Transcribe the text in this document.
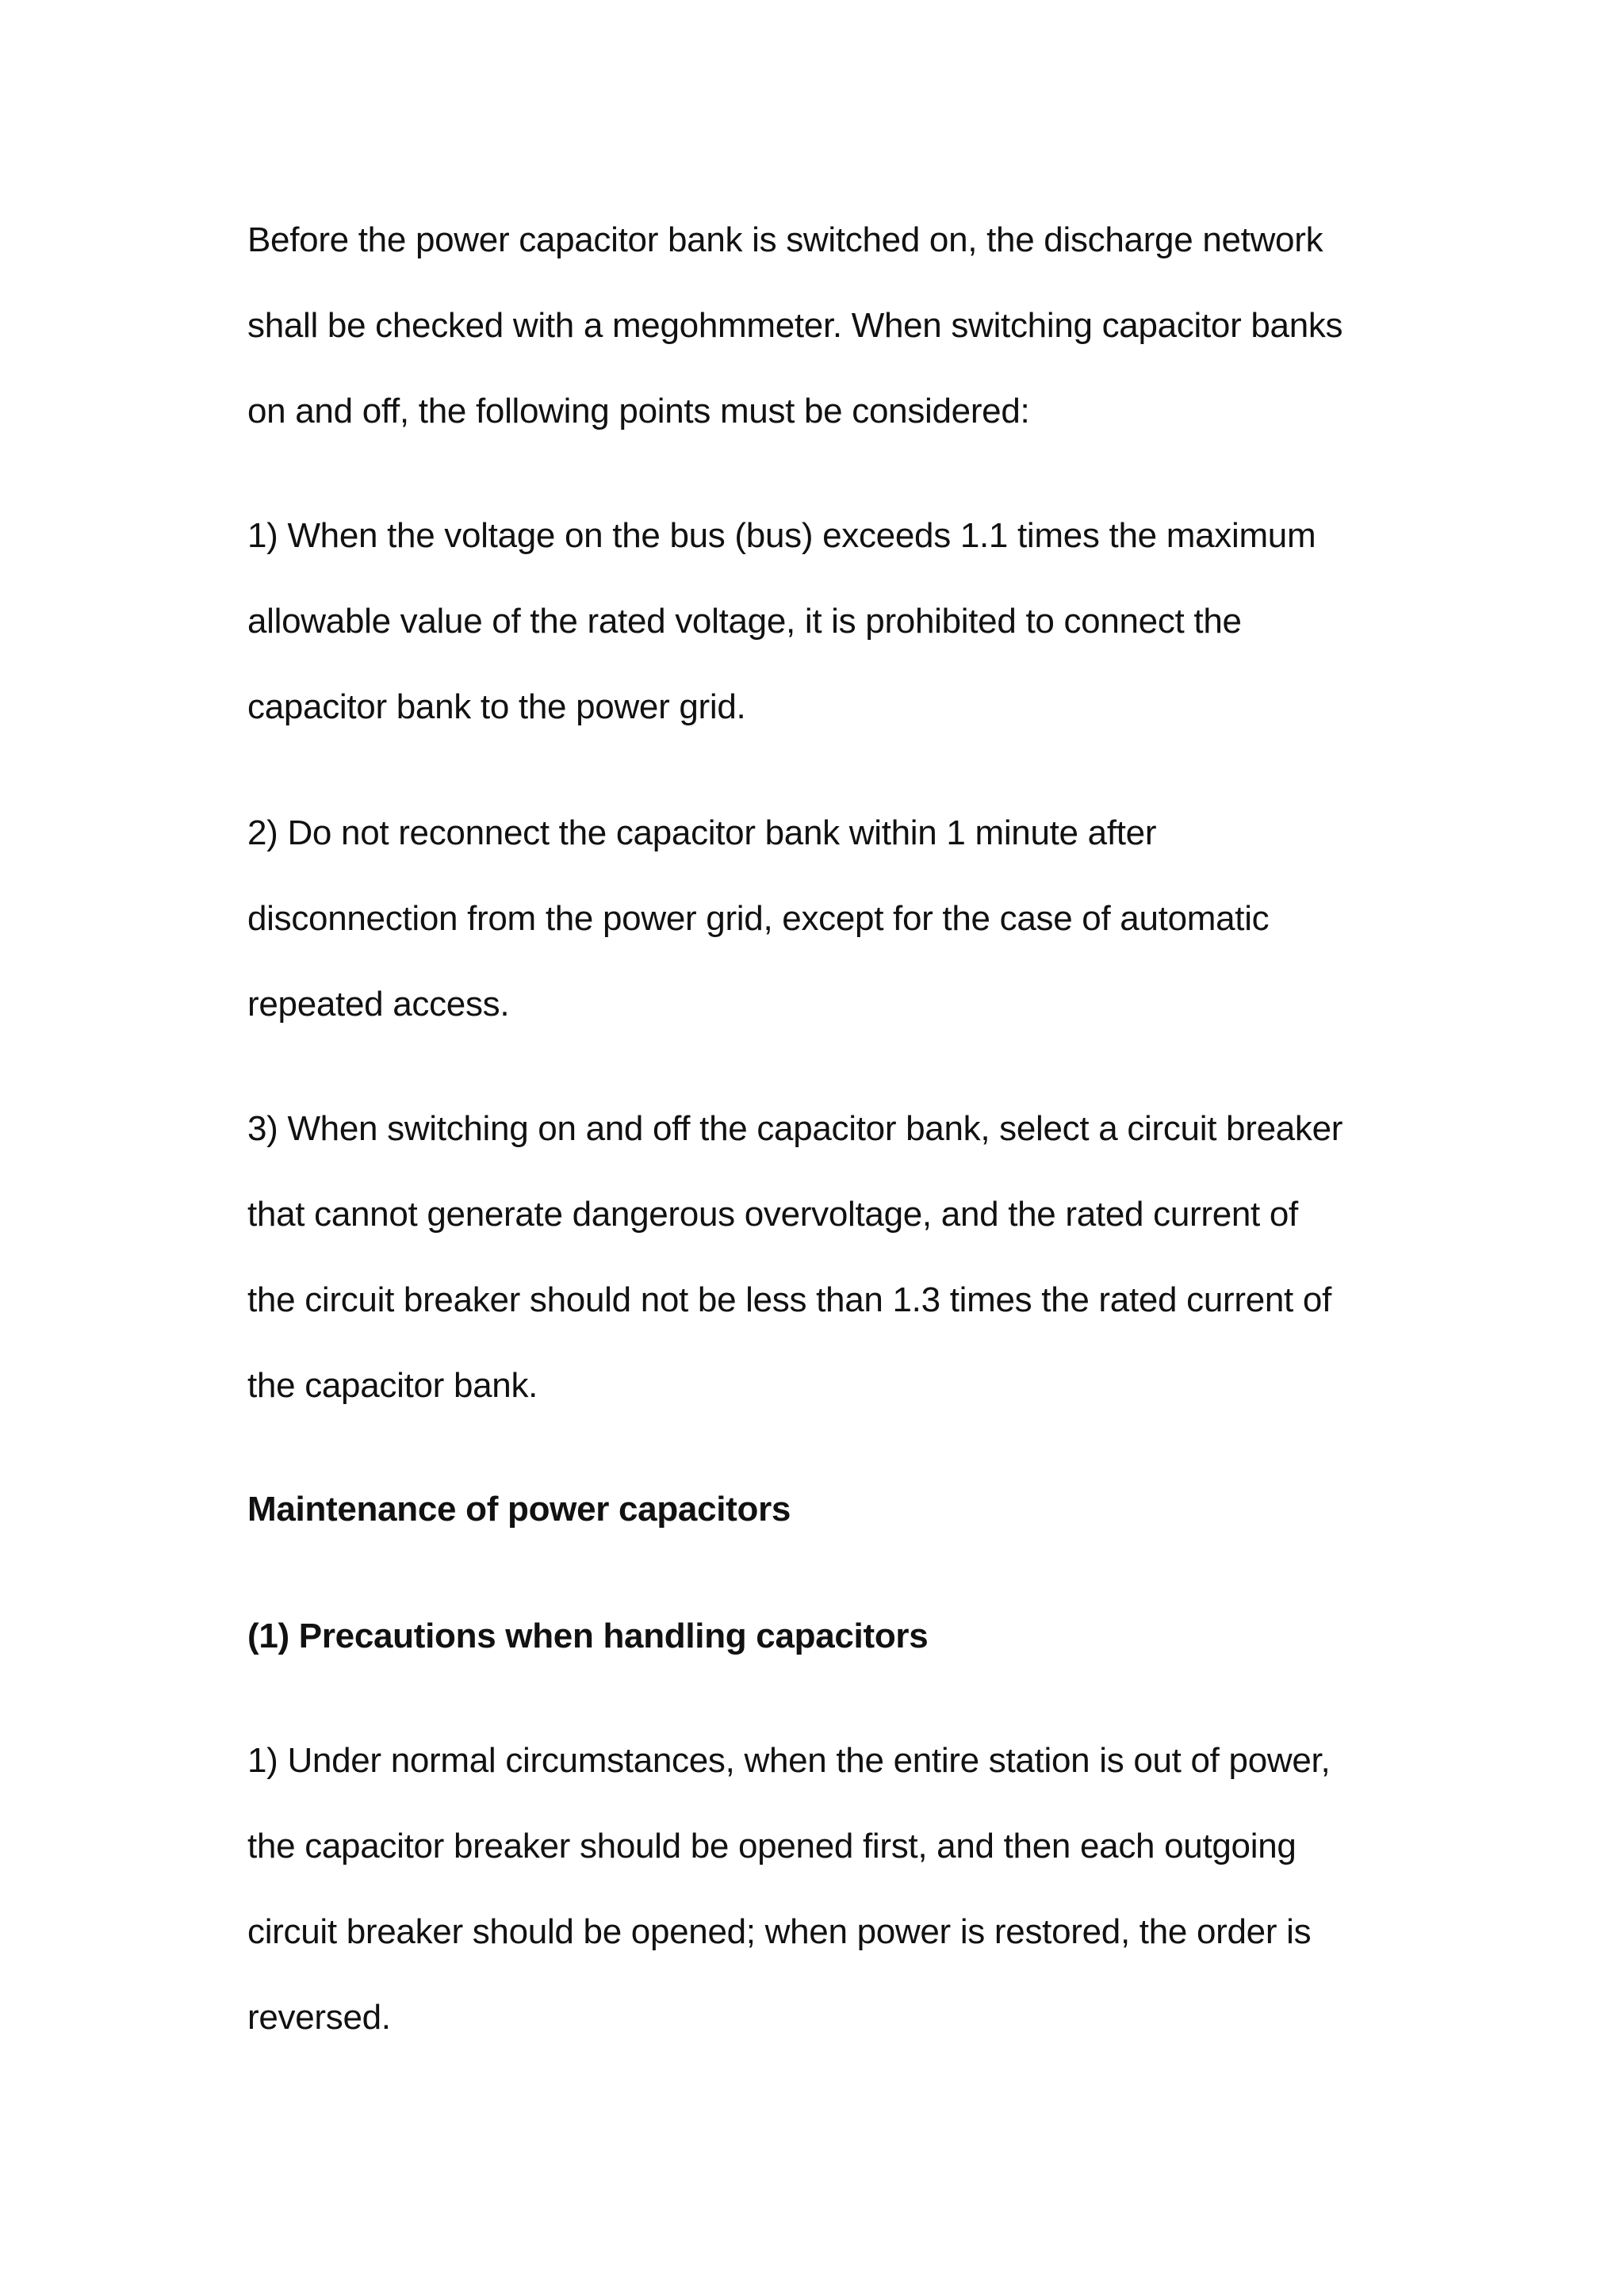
Before the power capacitor bank is switched on, the discharge network
shall be checked with a megohmmeter. When switching capacitor banks
on and off, the following points must be considered:

1) When the voltage on the bus (bus) exceeds 1.1 times the maximum
allowable value of the rated voltage, it is prohibited to connect the
capacitor bank to the power grid.

2) Do not reconnect the capacitor bank within 1 minute after
disconnection from the power grid, except for the case of automatic
repeated access.

3) When switching on and off the capacitor bank, select a circuit breaker
that cannot generate dangerous overvoltage, and the rated current of
the circuit breaker should not be less than 1.3 times the rated current of
the capacitor bank.

Maintenance of power capacitors

(1) Precautions when handling capacitors

1) Under normal circumstances, when the entire station is out of power,
the capacitor breaker should be opened first, and then each outgoing
circuit breaker should be opened; when power is restored, the order is
reversed.
